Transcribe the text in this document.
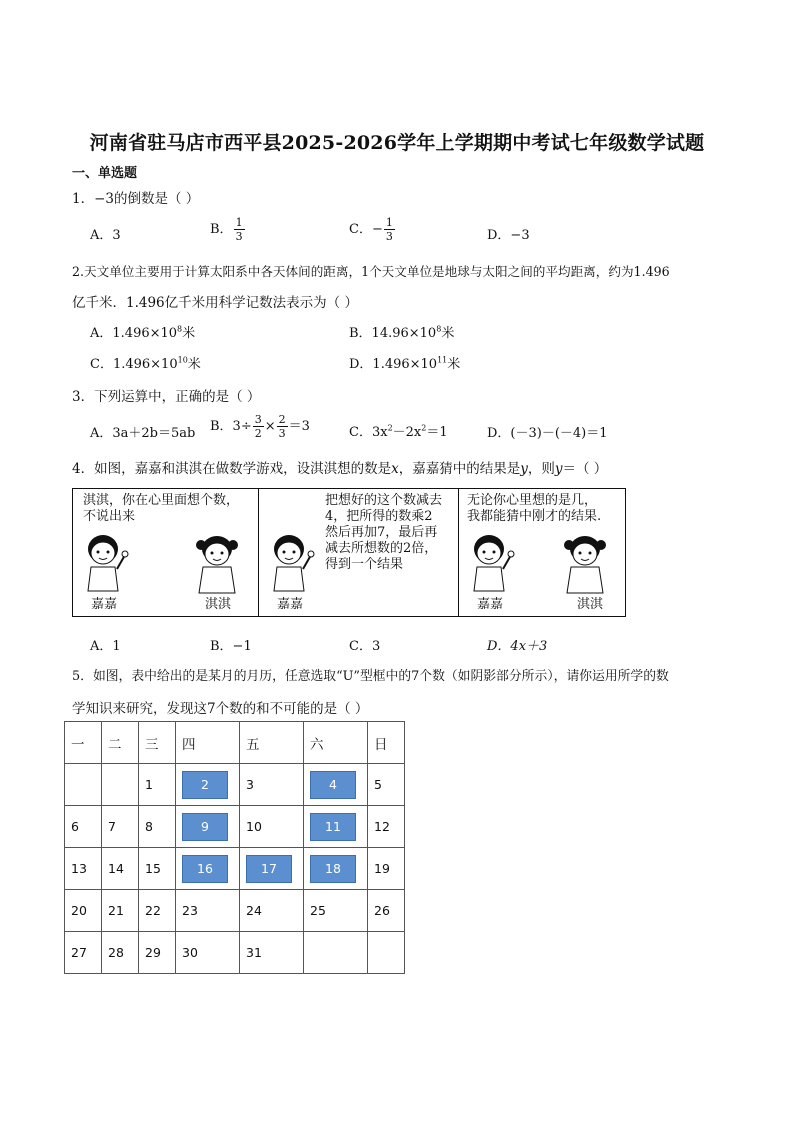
河南省驻马店市西平县2025-2026学年上学期期中考试七年级数学试题
一、单选题
1．−3的倒数是（ ）
A．3	B． $\frac{1}{3}$	C．− $\frac{1}{3}$	D．−3
2.天文单位主要用于计算太阳系中各天体间的距离，1个天文单位是地球与太阳之间的平均距离，约为1.496
亿千米．1.496亿千米用科学记数法表示为（ ）
A．$1.496\times 10^8$米	B．$14.96\times 10^8$米
C．$1.496\times 10^{10}$米	D．$1.496\times 10^{11}$米
3．下列运算中，正确的是（ ）
A．3a＋2b＝5ab B．$3\div \frac{3}{2} \times \frac{2}{3} =3$	C．$3x^2-2x^2=1$	D．(－3)－(－4)＝1
4．如图，嘉嘉和淇淇在做数学游戏，设淇淇想的数是x，嘉嘉猜中的结果是y，则y＝（ ）
淇淇，你在心里面想个数，
不说出来
嘉嘉	淇淇
把想好的这个数减去
4，把所得的数乘2
然后再加7，最后再
减去所想数的2倍，
得到一个结果
嘉嘉
无论你心里想的是几，
我都能猜中刚才的结果.
嘉嘉	淇淇
A．1	B．−1	C．3	D．4x＋3
5．如图，表中给出的是某月的月历，任意选取“U”型框中的7个数（如阴影部分所示），请你运用所学的数
学知识来研究，发现这7个数的和不可能的是（ ）
一	二	三	四	五	六	日
		1	2	3	4	5
6	7	8	9	10	11	12
13	14	15	16	17	18	19
20	21	22	23	24	25	26
27	28	29	30	31		
